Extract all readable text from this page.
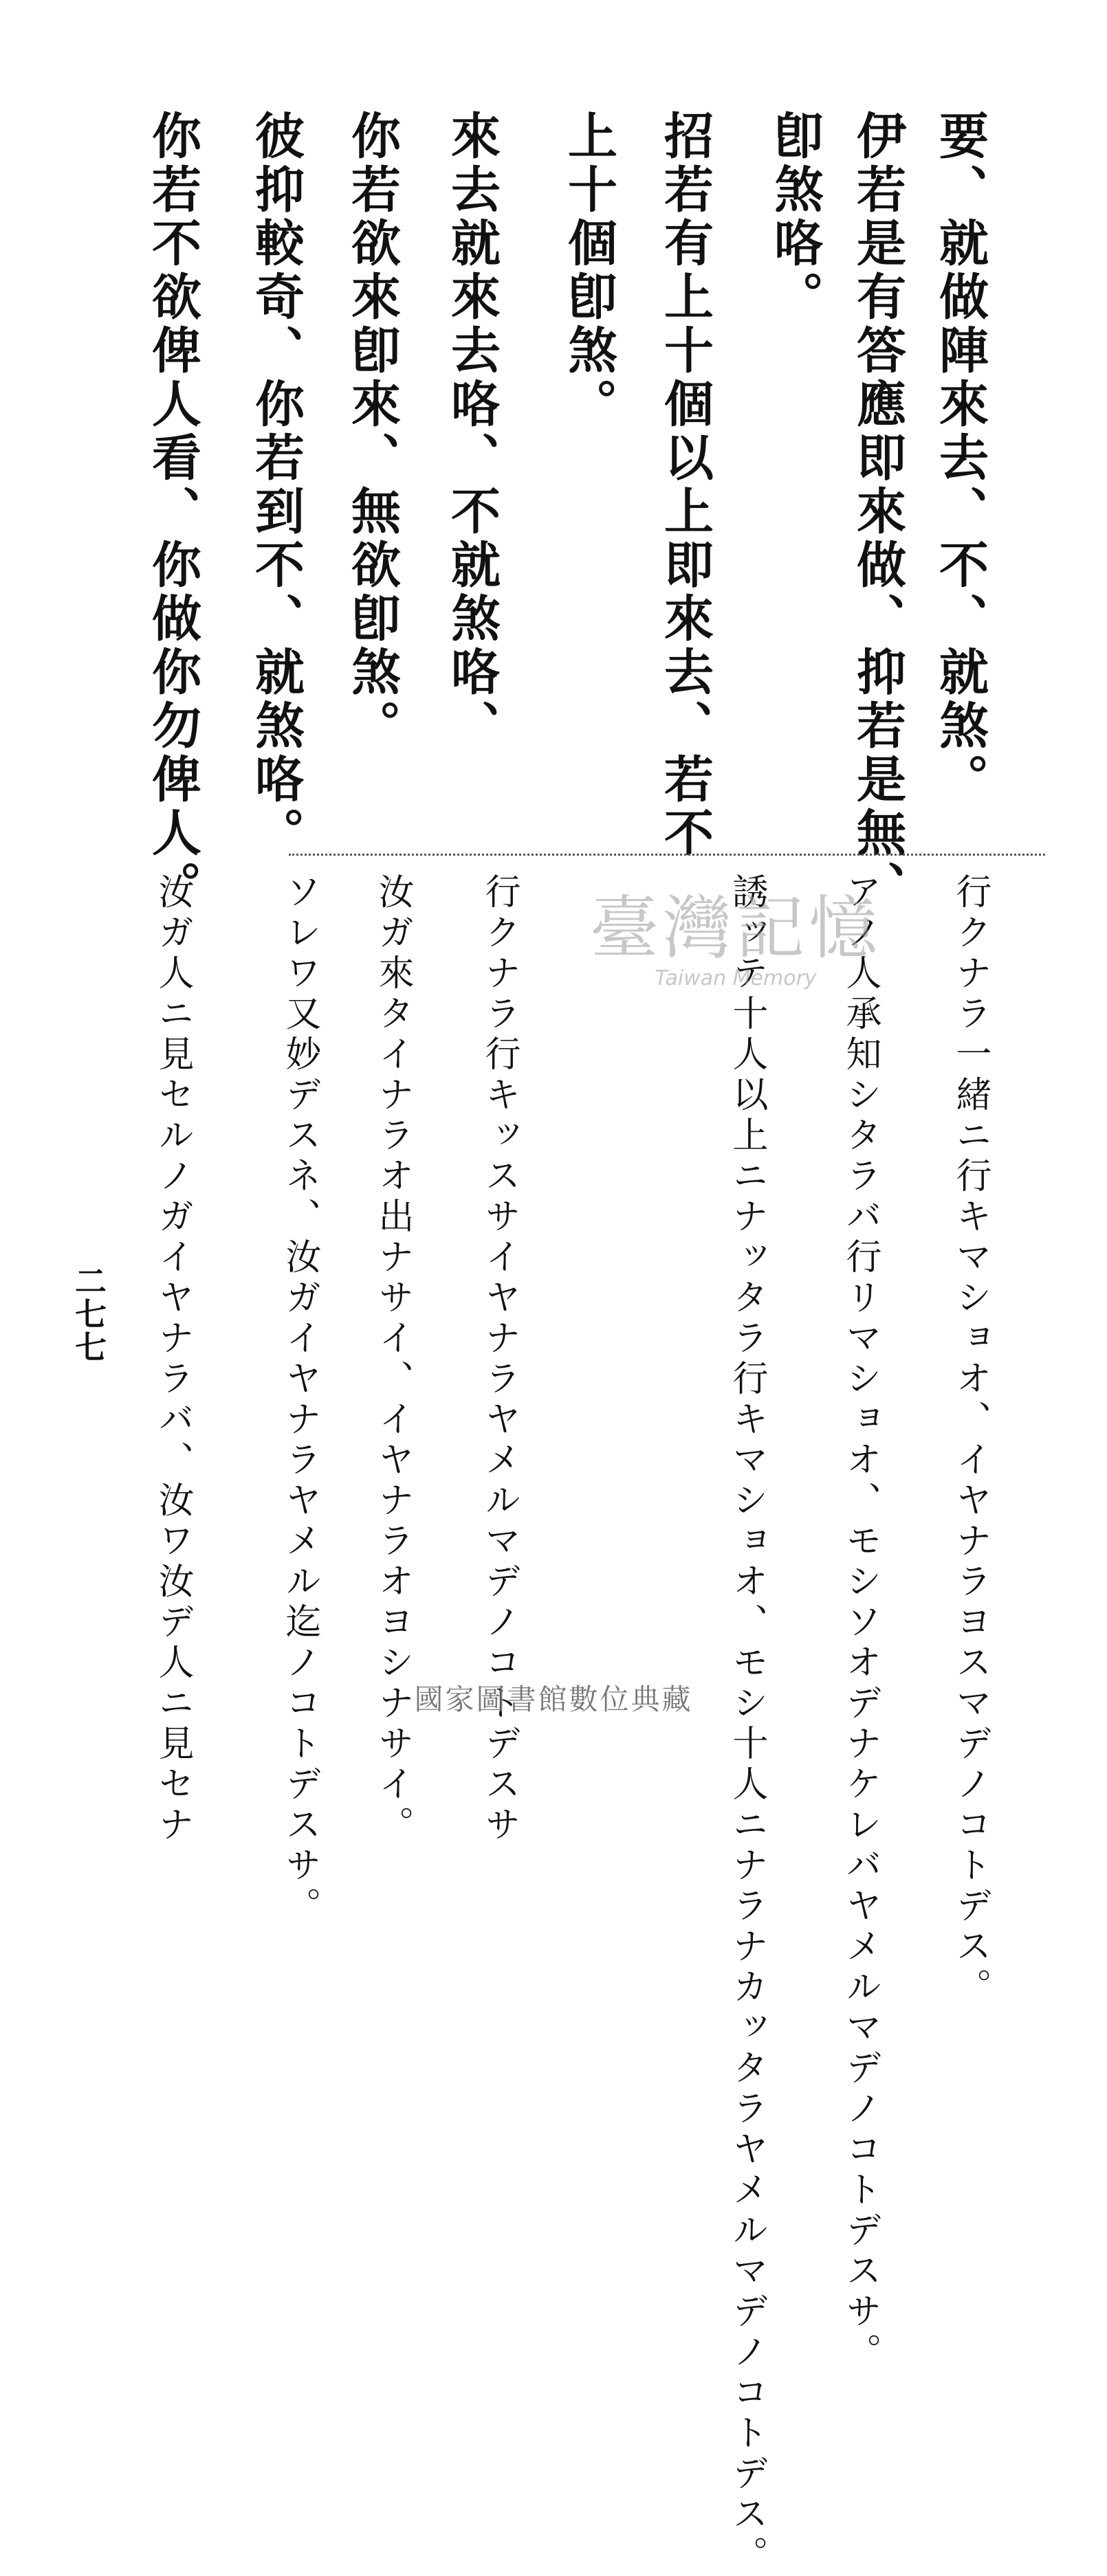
要、就做陣來去、不、就煞。
伊若是有答應即來做、抑若是無、
卽煞咯。
招若有上十個以上即來去、若不
上十個卽煞。
來去就來去咯、不就煞咯、
你若欲來卽來、無欲卽煞。
彼抑較奇、你若到不、就煞咯。
你若不欲俾人看、你做你勿俾人。
行クナラ一緒ニ行キマショオ、イヤナラヨスマデノコトデス。
アノ人承知シタラバ行リマショオ、モシソオデナケレバヤメルマデノコトデスサ。
誘ッテ十人以上ニナッタラ行キマショオ、モシ十人ニナラナカッタラヤメルマデノコトデス。
行クナラ行キッスサイヤナラヤメルマデノコトデスサ
汝ガ來タイナラオ出ナサイ、イヤナラオヨシナサイ。
ソレワ又妙デスネ、汝ガイヤナラヤメル迄ノコトデスサ。
汝ガ人ニ見セルノガイヤナラバ、汝ワ汝デ人ニ見セナ	臺灣記憶
Taiwan Memory
二七七
國家圖書館數位典藏
